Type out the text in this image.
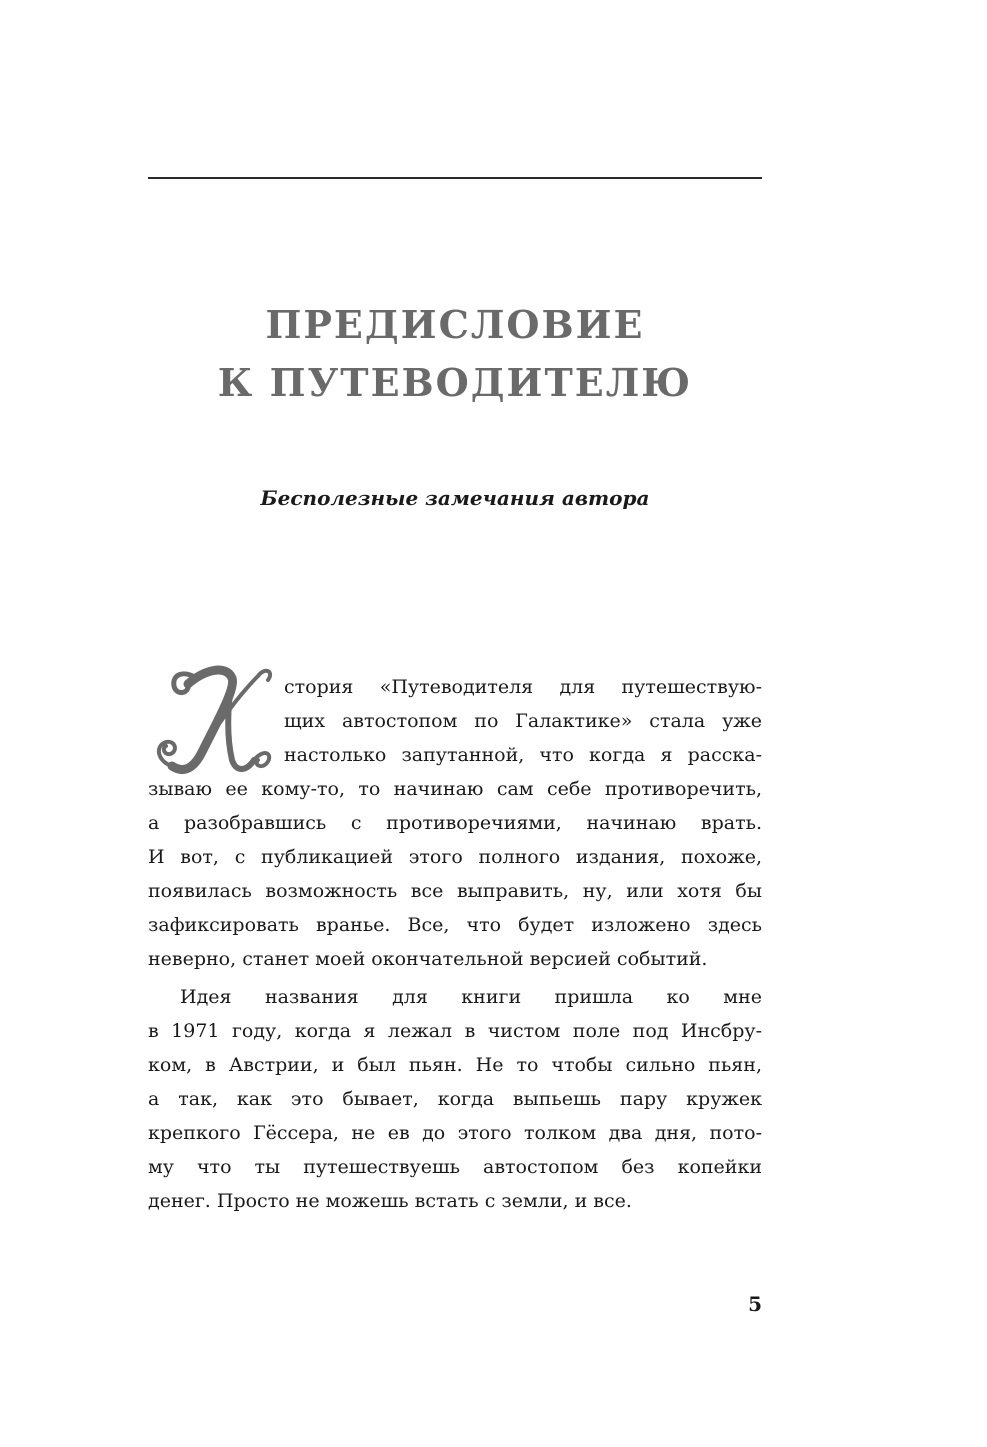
ПРЕДИСЛОВИЕ
К ПУТЕВОДИТЕЛЮ
Бесполезные замечания автора
И
стория «Путеводителя для путешествую-
щих автостопом по Галактике» стала уже
настолько запутанной, что когда я расска-
зываю ее кому-то, то начинаю сам себе противоречить,
а разобравшись с противоречиями, начинаю врать.
И вот, с публикацией этого полного издания, похоже,
появилась возможность все выправить, ну, или хотя бы
зафиксировать вранье. Все, что будет изложено здесь
неверно, станет моей окончательной версией событий.
Идея названия для книги пришла ко мне
в 1971 году, когда я лежал в чистом поле под Инсбру-
ком, в Австрии, и был пьян. Не то чтобы сильно пьян,
а так, как это бывает, когда выпьешь пару кружек
крепкого Гёссера, не ев до этого толком два дня, пото-
му что ты путешествуешь автостопом без копейки
денег. Просто не можешь встать с земли, и все.
5
